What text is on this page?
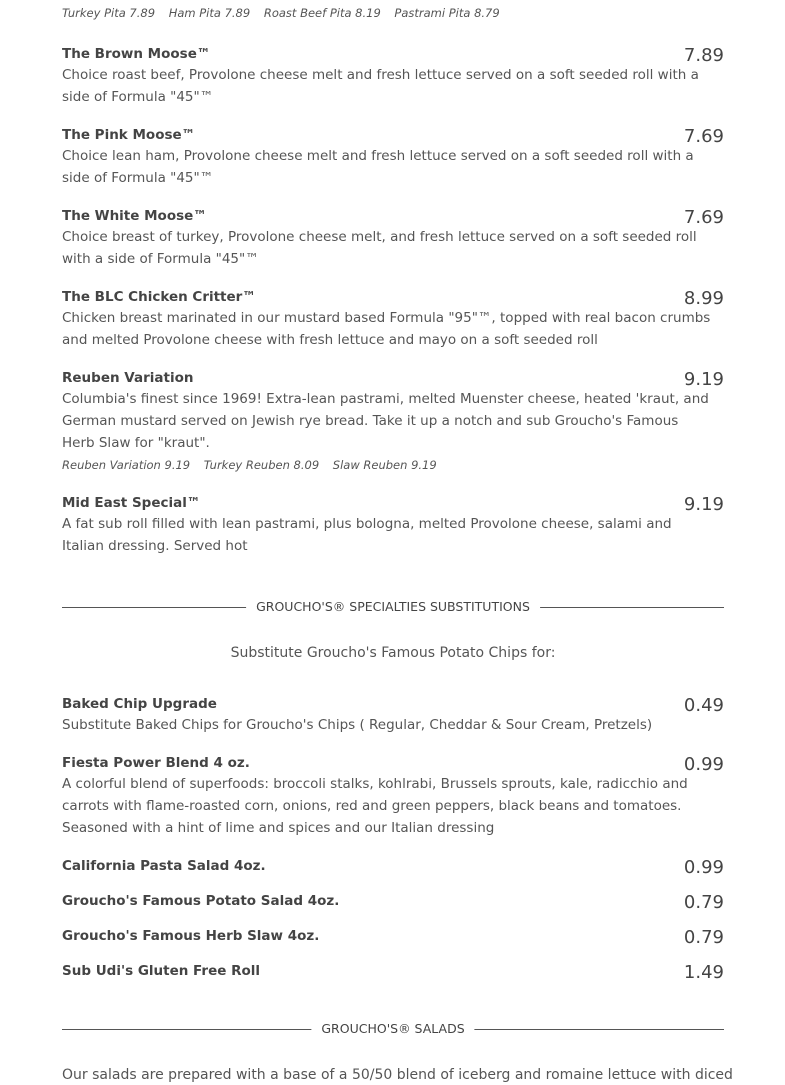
Turkey Pita 7.89 Ham Pita 7.89 Roast Beef Pita 8.19 Pastrami Pita 8.79
The Brown Moose™
Choice roast beef, Provolone cheese melt and fresh lettuce served on a soft seeded roll with a side of Formula "45"™
7.89
The Pink Moose™
Choice lean ham, Provolone cheese melt and fresh lettuce served on a soft seeded roll with a side of Formula "45"™
7.69
The White Moose™
Choice breast of turkey, Provolone cheese melt, and fresh lettuce served on a soft seeded roll with a side of Formula "45"™
7.69
The BLC Chicken Critter™
Chicken breast marinated in our mustard based Formula "95"™, topped with real bacon crumbs and melted Provolone cheese with fresh lettuce and mayo on a soft seeded roll
8.99
Reuben Variation
Columbia's finest since 1969! Extra-lean pastrami, melted Muenster cheese, heated 'kraut, and German mustard served on Jewish rye bread. Take it up a notch and sub Groucho's Famous Herb Slaw for "kraut".
9.19
Reuben Variation 9.19 Turkey Reuben 8.09 Slaw Reuben 9.19
Mid East Special™
A fat sub roll filled with lean pastrami, plus bologna, melted Provolone cheese, salami and Italian dressing. Served hot
9.19
GROUCHO'S® SPECIALTIES SUBSTITUTIONS
Substitute Groucho's Famous Potato Chips for:
Baked Chip Upgrade
Substitute Baked Chips for Groucho's Chips ( Regular, Cheddar & Sour Cream, Pretzels)
0.49
Fiesta Power Blend 4 oz.
A colorful blend of superfoods: broccoli stalks, kohlrabi, Brussels sprouts, kale, radicchio and carrots with flame-roasted corn, onions, red and green peppers, black beans and tomatoes. Seasoned with a hint of lime and spices and our Italian dressing
0.99
California Pasta Salad 4oz.	0.99
Groucho's Famous Potato Salad 4oz.	0.79
Groucho's Famous Herb Slaw 4oz.	0.79
Sub Udi's Gluten Free Roll	1.49
GROUCHO'S® SALADS
Our salads are prepared with a base of a 50/50 blend of iceberg and romaine lettuce with diced
